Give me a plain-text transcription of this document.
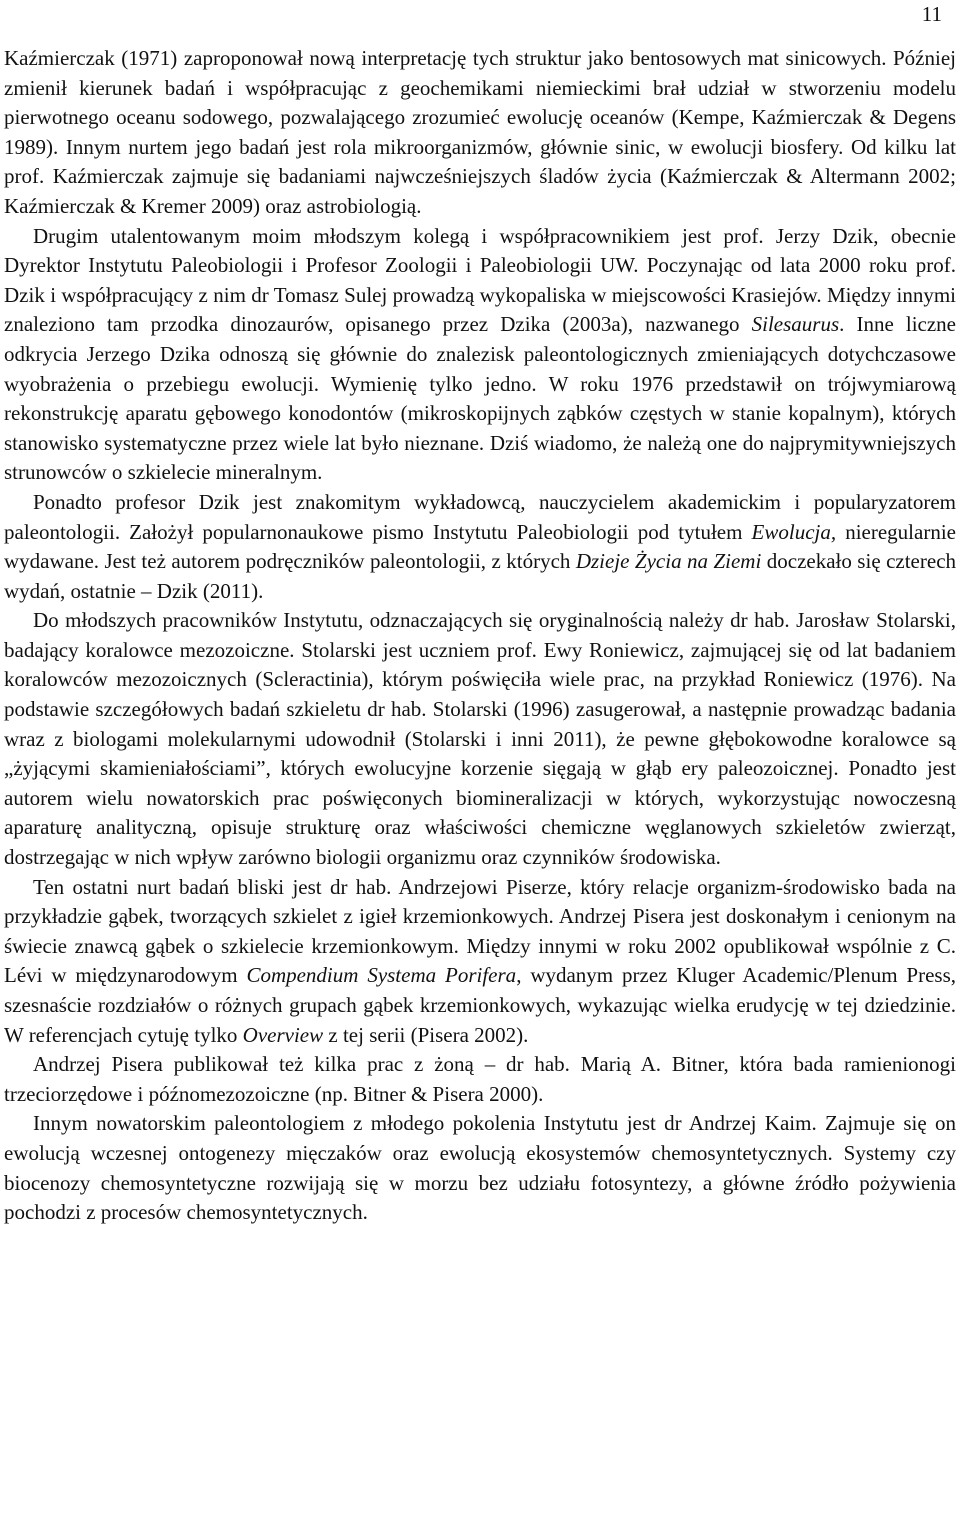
11

Kaźmierczak (1971) zaproponował nową interpretację tych struktur jako bentosowych mat sinicowych. Później zmienił kierunek badań i współpracując z geochemikami niemieckimi brał udział w stworzeniu modelu pierwotnego oceanu sodowego, pozwalającego zrozumieć ewolucję oceanów (Kempe, Kaźmierczak & Degens 1989). Innym nurtem jego badań jest rola mikroorganizmów, głównie sinic, w ewolucji biosfery. Od kilku lat prof. Kaźmierczak zajmuje się badaniami najwcześniejszych śladów życia (Kaźmierczak & Altermann 2002; Kaźmierczak & Kremer 2009) oraz astrobiologią.

Drugim utalentowanym moim młodszym kolegą i współpracownikiem jest prof. Jerzy Dzik, obecnie Dyrektor Instytutu Paleobiologii i Profesor Zoologii i Paleobiologii UW. Poczynając od lata 2000 roku prof. Dzik i współpracujący z nim dr Tomasz Sulej prowadzą wykopaliska w miejscowości Krasiejów. Między innymi znaleziono tam przodka dinozaurów, opisanego przez Dzika (2003a), nazwanego Silesaurus. Inne liczne odkrycia Jerzego Dzika odnoszą się głównie do znalezisk paleontologicznych zmieniających dotychczasowe wyobrażenia o przebiegu ewolucji. Wymienię tylko jedno. W roku 1976 przedstawił on trójwymiarową rekonstrukcję aparatu gębowego konodontów (mikroskopijnych ząbków częstych w stanie kopalnym), których stanowisko systematyczne przez wiele lat było nieznane. Dziś wiadomo, że należą one do najprymitywniejszych strunowców o szkielecie mineralnym.

Ponadto profesor Dzik jest znakomitym wykładowcą, nauczycielem akademickim i popularyzatorem paleontologii. Założył popularnonaukowe pismo Instytutu Paleobiologii pod tytułem Ewolucja, nieregularnie wydawane. Jest też autorem podręczników paleontologii, z których Dzieje Życia na Ziemi doczekało się czterech wydań, ostatnie – Dzik (2011).

Do młodszych pracowników Instytutu, odznaczających się oryginalnością należy dr hab. Jarosław Stolarski, badający koralowce mezozoiczne. Stolarski jest uczniem prof. Ewy Roniewicz, zajmującej się od lat badaniem koralowców mezozoicznych (Scleractinia), którym poświęciła wiele prac, na przykład Roniewicz (1976). Na podstawie szczegółowych badań szkieletu dr hab. Stolarski (1996) zasugerował, a następnie prowadząc badania wraz z biologami molekularnymi udowodnił (Stolarski i inni 2011), że pewne głębokowodne koralowce są „żyjącymi skamieniałościami”, których ewolucyjne korzenie sięgają w głąb ery paleozoicznej. Ponadto jest autorem wielu nowatorskich prac poświęconych biomineralizacji w których, wykorzystując nowoczesną aparaturę analityczną, opisuje strukturę oraz właściwości chemiczne węglanowych szkieletów zwierząt, dostrzegając w nich wpływ zarówno biologii organizmu oraz czynników środowiska.

Ten ostatni nurt badań bliski jest dr hab. Andrzejowi Piserze, który relacje organizm-środowisko bada na przykładzie gąbek, tworzących szkielet z igieł krzemionkowych. Andrzej Pisera jest doskonałym i cenionym na świecie znawcą gąbek o szkielecie krzemionkowym. Między innymi w roku 2002 opublikował wspólnie z C. Lévi w międzynarodowym Compendium Systema Porifera, wydanym przez Kluger Academic/Plenum Press, szesnaście rozdziałów o różnych grupach gąbek krzemionkowych, wykazując wielka erudycję w tej dziedzinie. W referencjach cytuję tylko Overview z tej serii (Pisera 2002).

Andrzej Pisera publikował też kilka prac z żoną – dr hab. Marią A. Bitner, która bada ramienionogi trzeciorzędowe i późnomezozoiczne (np. Bitner & Pisera 2000).

Innym nowatorskim paleontologiem z młodego pokolenia Instytutu jest dr Andrzej Kaim. Zajmuje się on ewolucją wczesnej ontogenezy mięczaków oraz ewolucją ekosystemów chemosyntetycznych. Systemy czy biocenozy chemosyntetyczne rozwijają się w morzu bez udziału fotosyntezy, a główne źródło pożywienia pochodzi z procesów chemosyntetycznych.
